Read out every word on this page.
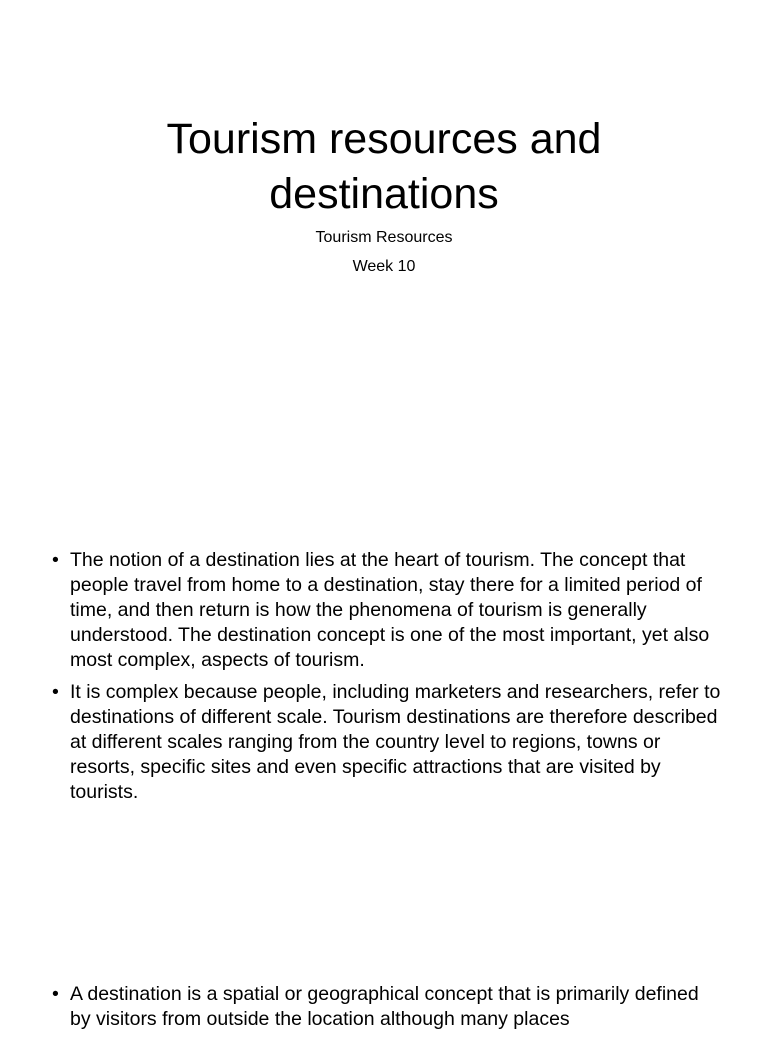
Tourism resources and destinations

Tourism Resources

Week 10

• The notion of a destination lies at the heart of tourism. The concept that people travel from home to a destination, stay there for a limited period of time, and then return is how the phenomena of tourism is generally understood. The destination concept is one of the most important, yet also most complex, aspects of tourism.
• It is complex because people, including marketers and researchers, refer to destinations of different scale. Tourism destinations are therefore described at different scales ranging from the country level to regions, towns or resorts, specific sites and even specific attractions that are visited by tourists.
• A destination is a spatial or geographical concept that is primarily defined by visitors from outside the location although many places
